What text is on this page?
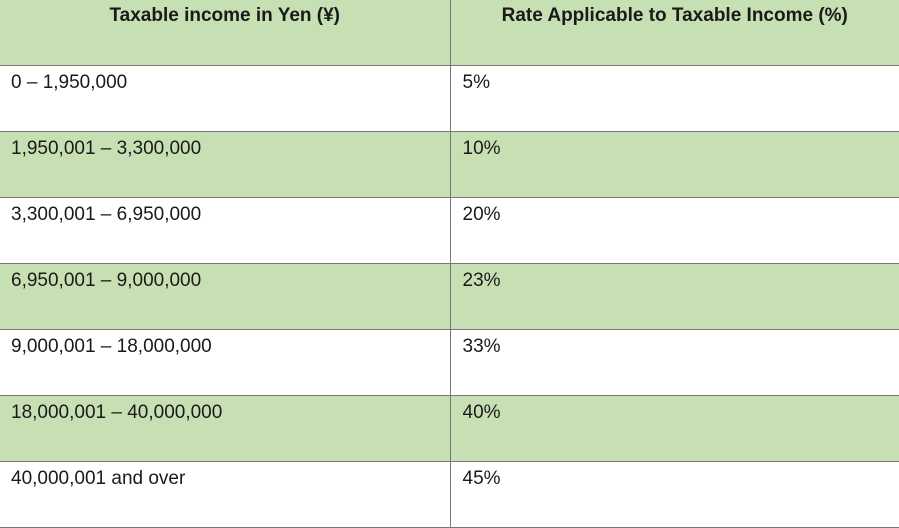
Taxable income in Yen (¥)	Rate Applicable to Taxable Income (%)
0 – 1,950,000	5%
1,950,001 – 3,300,000	10%
3,300,001 – 6,950,000	20%
6,950,001 – 9,000,000	23%
9,000,001 – 18,000,000	33%
18,000,001 – 40,000,000	40%
40,000,001 and over	45%
